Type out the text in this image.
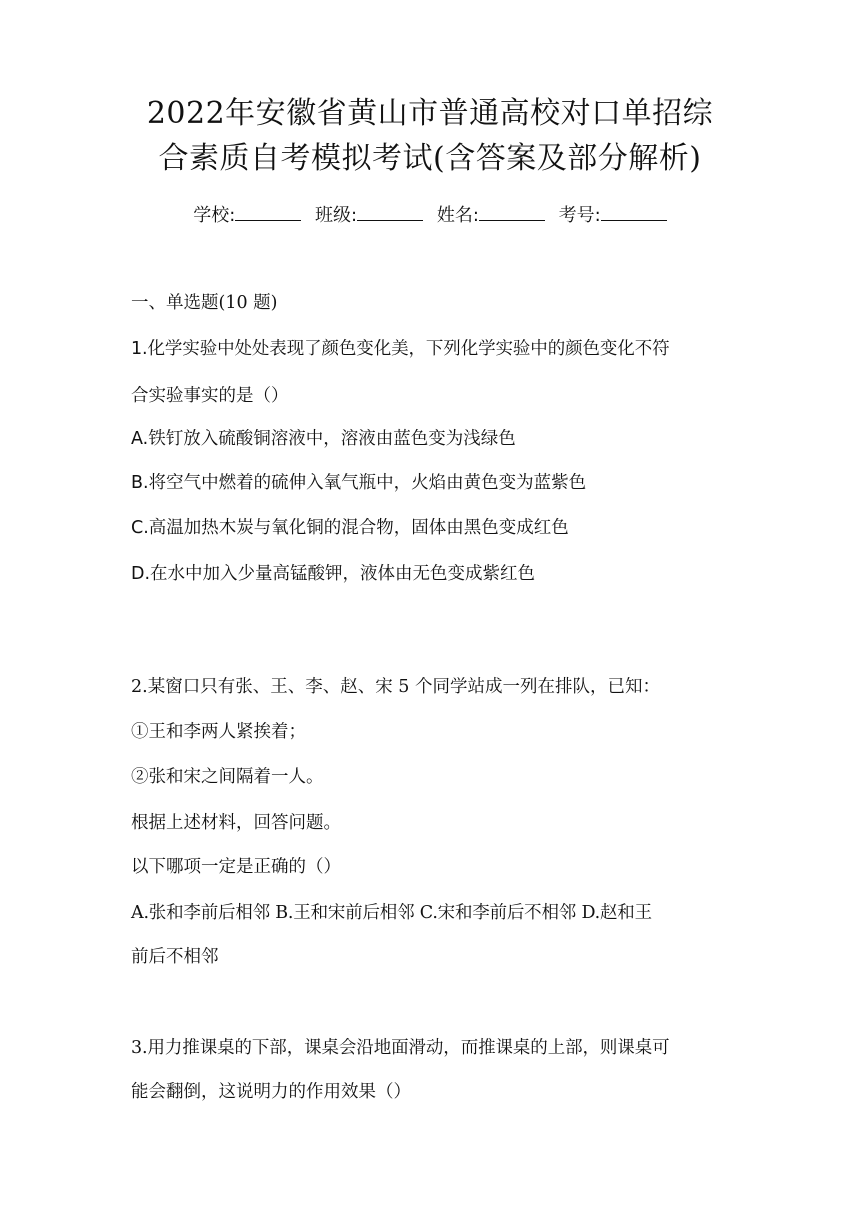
2022年安徽省黄山市普通高校对口单招综
合素质自考模拟考试(含答案及部分解析)
学校:	班级:	姓名:	考号:
一、单选题(10 题)
1.化学实验中处处表现了颜色变化美，下列化学实验中的颜色变化不符
合实验事实的是（）
A.铁钉放入硫酸铜溶液中，溶液由蓝色变为浅绿色
B.将空气中燃着的硫伸入氧气瓶中，火焰由黄色变为蓝紫色
C.高温加热木炭与氧化铜的混合物，固体由黑色变成红色
D.在水中加入少量高锰酸钾，液体由无色变成紫红色
2.某窗口只有张、王、李、赵、宋 5 个同学站成一列在排队，已知：
①王和李两人紧挨着；
②张和宋之间隔着一人。
根据上述材料，回答问题。
以下哪项一定是正确的（）
A.张和李前后相邻 B.王和宋前后相邻 C.宋和李前后不相邻 D.赵和王
前后不相邻
3.用力推课桌的下部，课桌会沿地面滑动，而推课桌的上部，则课桌可
能会翻倒，这说明力的作用效果（）
